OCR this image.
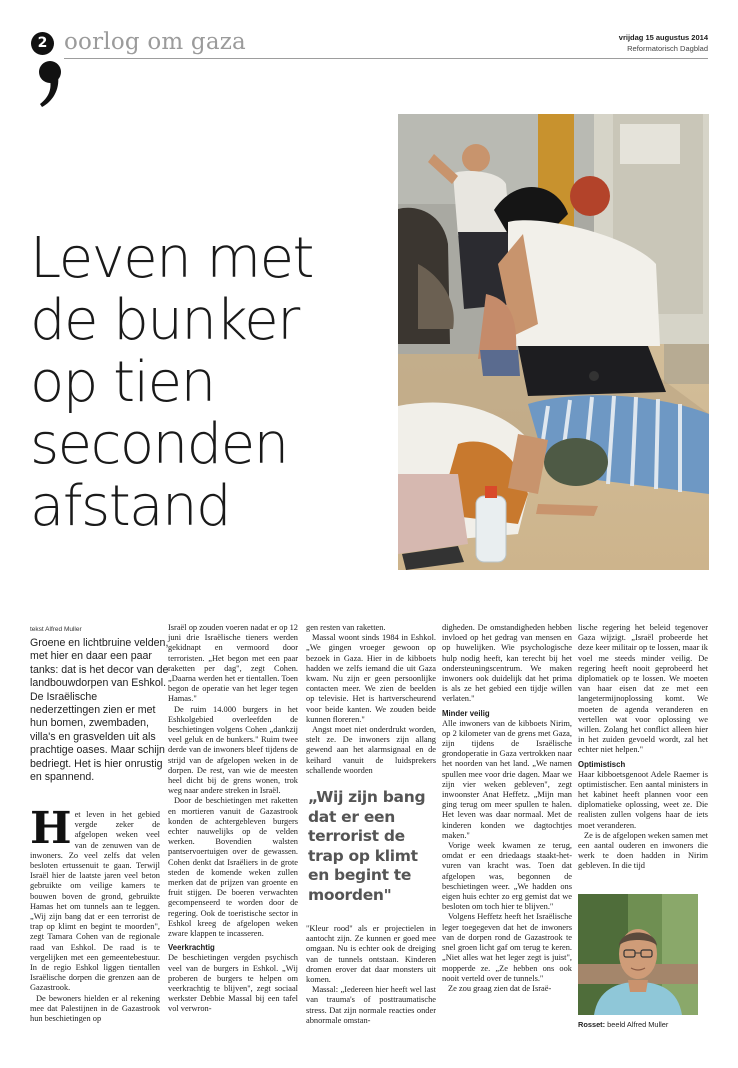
2 oorlog om gaza	vrijdag 15 augustus 2014
Reformatorisch Dagblad
Leven met
de bunker
op tien
seconden
afstand
tekst Alfred Muller

Groene en lichtbruine velden, met hier en daar een paar tanks: dat is het decor van de landbouwdorpen van Eshkol. De Israëlische nederzettingen zien er met hun bomen, zwembaden, villa's en grasvelden uit als prachtige oases. Maar schijn bedriegt. Het is hier onrustig en spannend.

Het leven in het gebied vergde zeker de afgelopen weken veel van de zenuwen van de inwoners. Zo veel zelfs dat velen besloten ertussenuit te gaan. Terwijl Israël hier de laatste jaren veel beton gebruikte om veilige kamers te bouwen boven de grond, gebruikte Hamas het om tunnels aan te leggen. „Wij zijn bang dat er een terrorist de trap op klimt en begint te moorden", zegt Tamara Cohen van de regionale raad van Eshkol. De raad is te vergelijken met een gemeentebestuur. In de regio Eshkol liggen tientallen Israëlische dorpen die grenzen aan de Gazastrook.

De bewoners hielden er al rekening mee dat Palestijnen in de Gazastrook hun beschietingen op

Israël op zouden voeren nadat er op 12 juni drie Israëlische tieners werden gekidnapt en vermoord door terroristen. „Het begon met een paar raketten per dag", zegt Cohen. „Daarna werden het er tientallen. Toen begon de operatie van het leger tegen Hamas."

De ruim 14.000 burgers in het Eshkolgebied overleefden de beschietingen volgens Cohen „dankzij veel geluk en de bunkers." Ruim twee derde van de inwoners bleef tijdens de strijd van de afgelopen weken in de dorpen. De rest, van wie de meesten heel dicht bij de grens wonen, trok weg naar andere streken in Israël.

Door de beschietingen met raketten en mortieren vanuit de Gazastrook konden de achtergebleven burgers echter nauwelijks op de velden werken. Bovendien walsten pantservoertuigen over de gewassen. Cohen denkt dat Israëliers in de grote steden de komende weken zullen merken dat de prijzen van groente en fruit stijgen. De boeren verwachten gecompenseerd te worden door de regering. Ook de toeristische sector in Eshkol kreeg de afgelopen weken zware klappen te incasseren.

Veerkrachtig

De beschietingen vergden psychisch veel van de burgers in Eshkol. „Wij proberen de burgers te helpen om veerkrachtig te blijven", zegt sociaal werkster Debbie Massal bij een tafel vol verwron-

gen resten van raketten.

Massal woont sinds 1984 in Eshkol. „We gingen vroeger gewoon op bezoek in Gaza. Hier in de kibboets hadden we zelfs iemand die uit Gaza kwam. Nu zijn er geen persoonlijke contacten meer. We zien de beelden op televisie. Het is hartverscheurend voor beide kanten. We zouden beide kunnen floreren."

Angst moet niet onderdrukt worden, stelt ze. De inwoners zijn allang gewend aan het alarmsignaal en de keihard vanuit de luidsprekers schallende woorden

„Wij zijn bang dat er een terrorist de trap op klimt en begint te moorden"

"Kleur rood" als er projectielen in aantocht zijn. Ze kunnen er goed mee omgaan. Nu is echter ook de dreiging van de tunnels ontstaan. Kinderen dromen erover dat daar monsters uit komen.

Massal: „Iedereen hier heeft wel last van trauma's of posttraumatische stress. Dat zijn normale reacties onder abnormale omstan-

digheden. De omstandigheden hebben invloed op het gedrag van mensen en op huwelijken. Wie psychologische hulp nodig heeft, kan terecht bij het ondersteuningscentrum. We maken inwoners ook duidelijk dat het prima is als ze het gebied een tijdje willen verlaten."

Minder veilig

Alle inwoners van de kibboets Nirim, op 2 kilometer van de grens met Gaza, zijn tijdens de Israëlische grondoperatie in Gaza vertrokken naar het noorden van het land. „We namen spullen mee voor drie dagen. Maar we zijn vier weken gebleven", zegt inwoonster Anat Heffetz. „Mijn man ging terug om meer spullen te halen. Het leven was daar normaal. Met de kinderen konden we dagtochtjes maken."

Vorige week kwamen ze terug, omdat er een driedaags staakt-het-vuren van kracht was. Toen dat afgelopen was, begonnen de beschietingen weer. „We hadden ons eigen huis echter zo erg gemist dat we besloten om toch hier te blijven."

Volgens Heffetz heeft het Israëlische leger toegegeven dat het de inwoners van de dorpen rond de Gazastrook te snel groen licht gaf om terug te keren. „Niet alles wat het leger zegt is juist", mopperde ze. „Ze hebben ons ook nooit verteld over de tunnels."

Ze zou graag zien dat de Israë-

lische regering het beleid tegenover Gaza wijzigt. „Israël probeerde het deze keer militair op te lossen, maar ik voel me steeds minder veilig. De regering heeft nooit geprobeerd het diplomatiek op te lossen. We moeten van haar eisen dat ze met een langetermijnoplossing komt. We moeten de agenda veranderen en vertellen wat voor oplossing we willen. Zolang het conflict alleen hier in het zuiden gevoeld wordt, zal het echter niet helpen."

Optimistisch

Haar kibboetsgenoot Adele Raemer is optimistischer. Een aantal ministers in het kabinet heeft plannen voor een diplomatieke oplossing, weet ze. Die realisten zullen volgens haar de iets moet veranderen.

Ze is de afgelopen weken samen met een aantal ouderen en inwoners die werk te doen hadden in Nirim gebleven. In die tijd

Rosset: beeld Alfred Muller
